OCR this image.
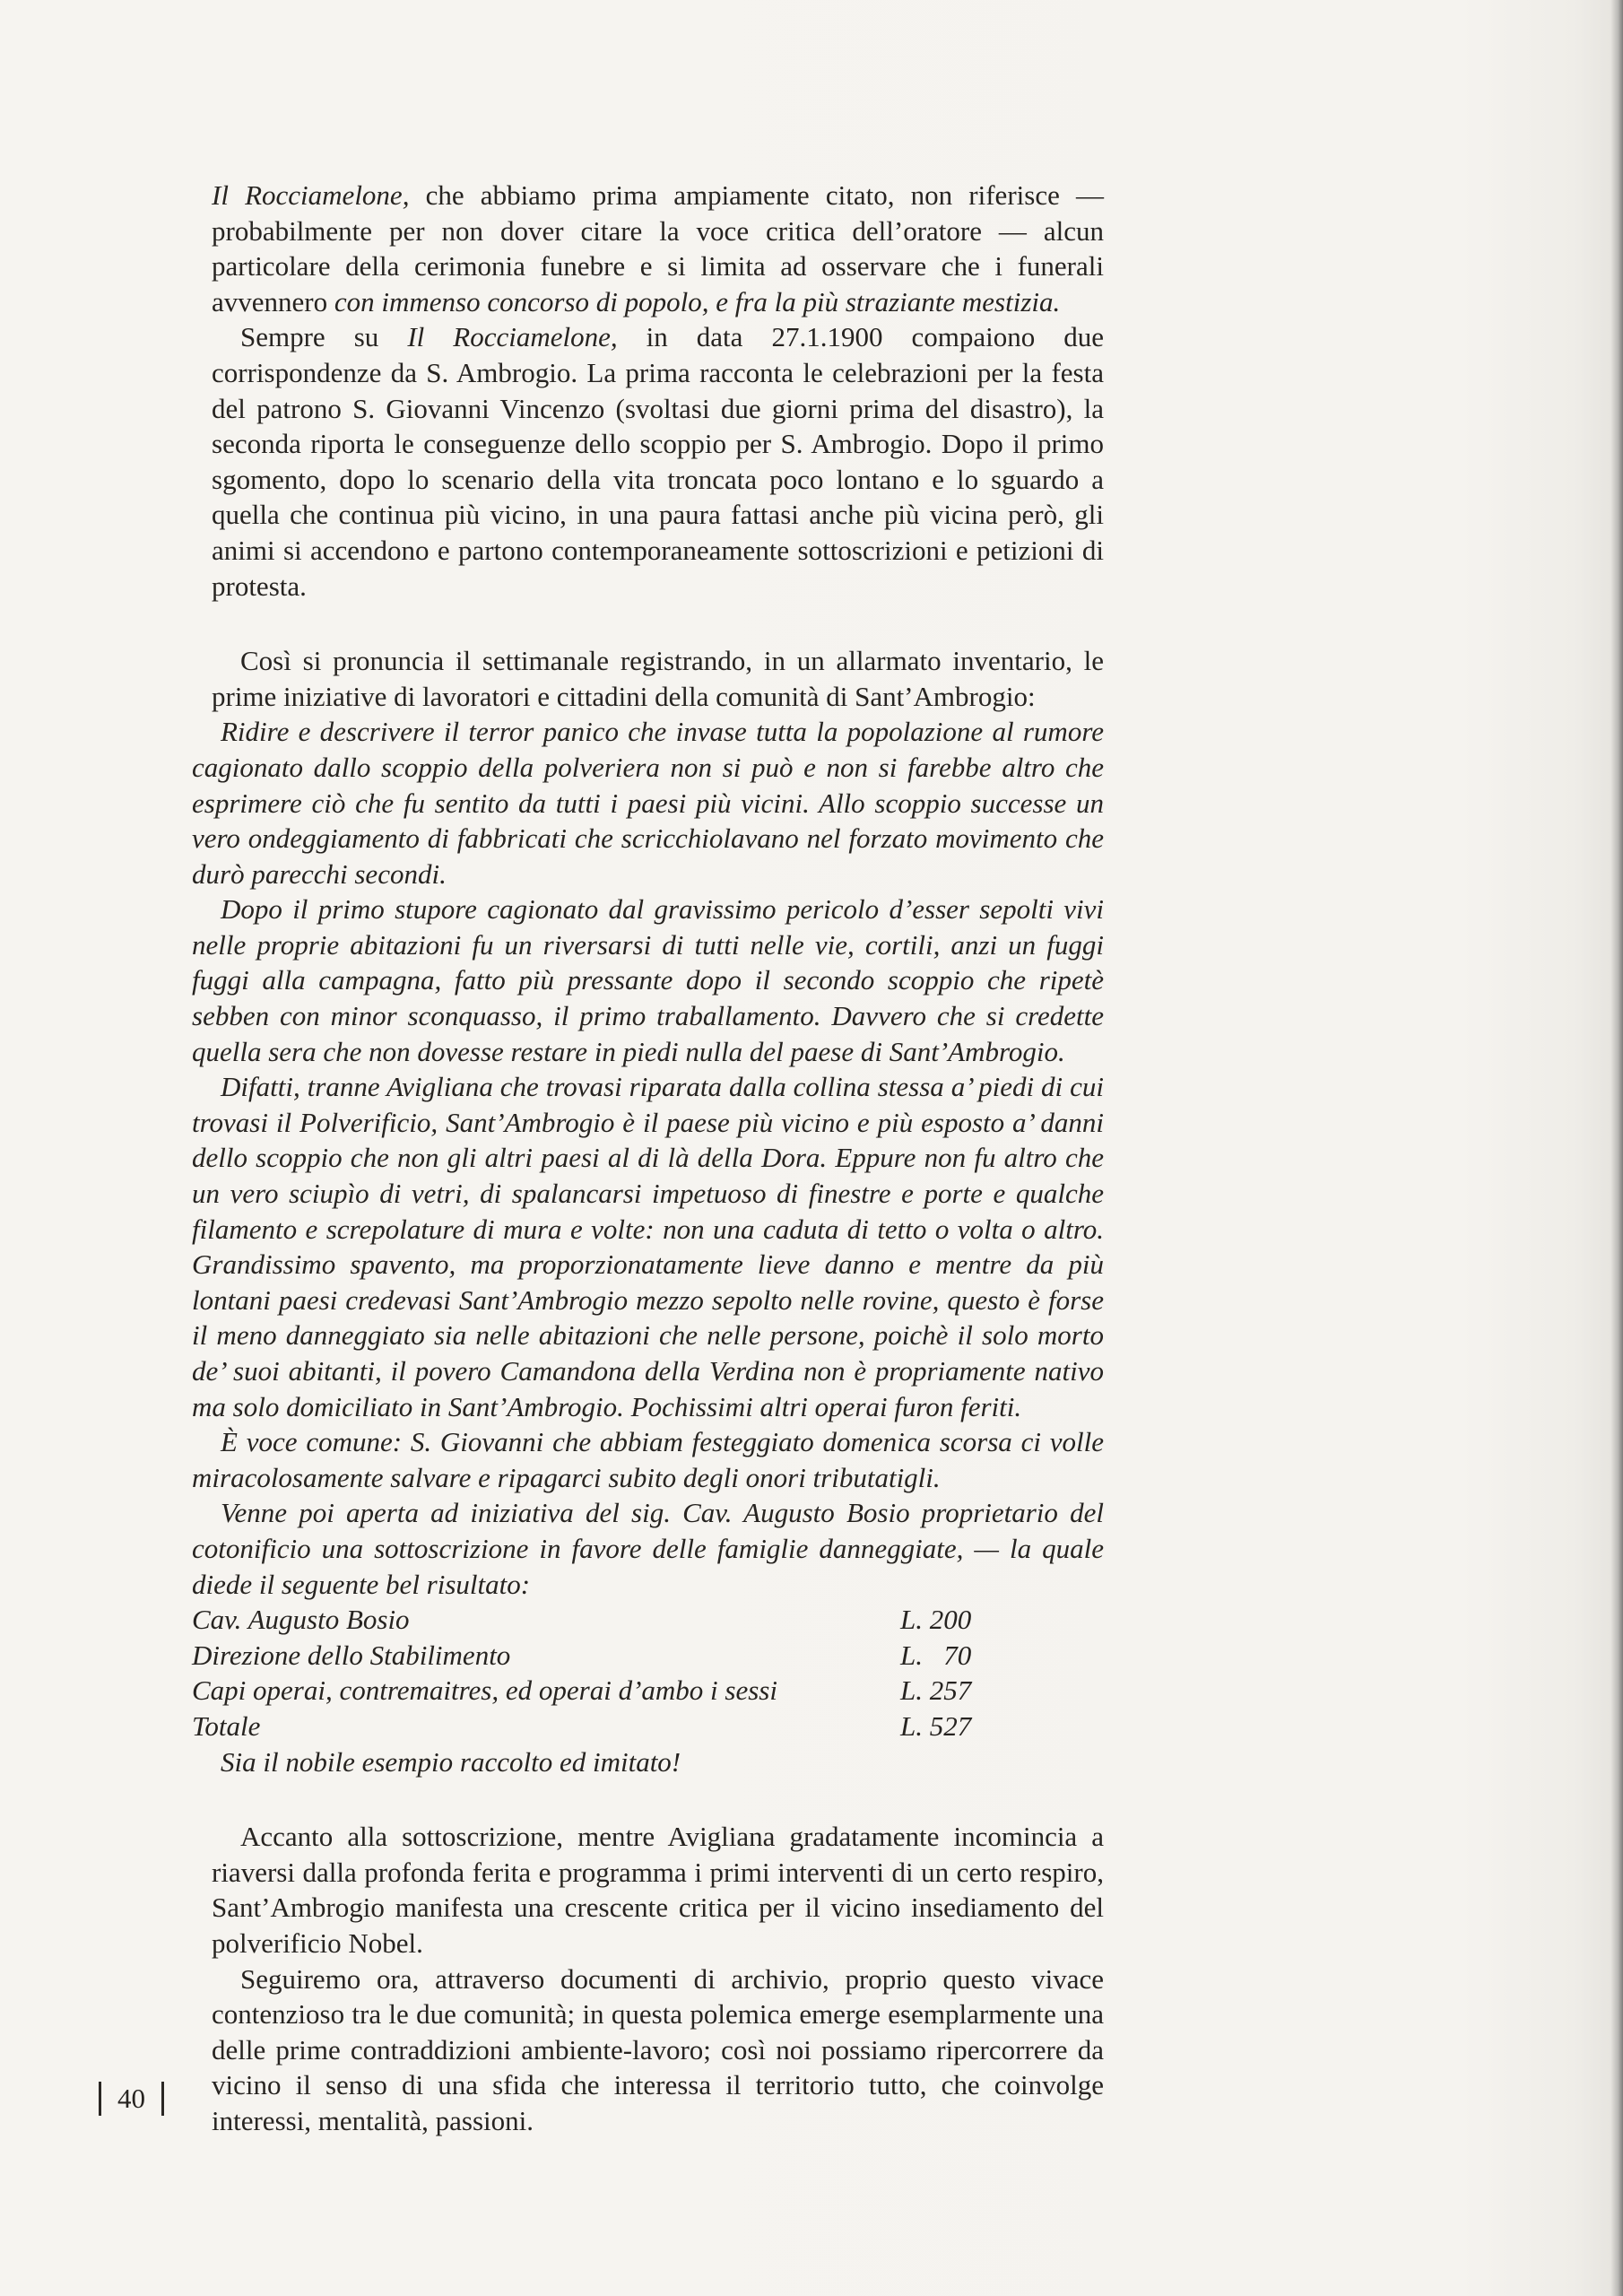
Il Rocciamelone, che abbiamo prima ampiamente citato, non riferisce — probabilmente per non dover citare la voce critica dell’oratore — alcun particolare della cerimonia funebre e si limita ad osservare che i funerali avvennero con immenso concorso di popolo, e fra la più straziante mestizia.

Sempre su Il Rocciamelone, in data 27.1.1900 compaiono due corrispondenze da S. Ambrogio. La prima racconta le celebrazioni per la festa del patrono S. Giovanni Vincenzo (svoltasi due giorni prima del disastro), la seconda riporta le conseguenze dello scoppio per S. Ambrogio. Dopo il primo sgomento, dopo lo scenario della vita troncata poco lontano e lo sguardo a quella che continua più vicino, in una paura fattasi anche più vicina però, gli animi si accendono e partono contemporaneamente sottoscrizioni e petizioni di protesta.

Così si pronuncia il settimanale registrando, in un allarmato inventario, le prime iniziative di lavoratori e cittadini della comunità di Sant’Ambrogio:

Ridire e descrivere il terror panico che invase tutta la popolazione al rumore cagionato dallo scoppio della polveriera non si può e non si farebbe altro che esprimere ciò che fu sentito da tutti i paesi più vicini. Allo scoppio successe un vero ondeggiamento di fabbricati che scricchiolavano nel forzato movimento che durò parecchi secondi.

Dopo il primo stupore cagionato dal gravissimo pericolo d’esser sepolti vivi nelle proprie abitazioni fu un riversarsi di tutti nelle vie, cortili, anzi un fuggi fuggi alla campagna, fatto più pressante dopo il secondo scoppio che ripetè sebben con minor sconquasso, il primo traballamento. Davvero che si credette quella sera che non dovesse restare in piedi nulla del paese di Sant’Ambrogio.

Difatti, tranne Avigliana che trovasi riparata dalla collina stessa a’ piedi di cui trovasi il Polverificio, Sant’Ambrogio è il paese più vicino e più esposto a’ danni dello scoppio che non gli altri paesi al di là della Dora. Eppure non fu altro che un vero sciupìo di vetri, di spalancarsi impetuoso di finestre e porte e qualche filamento e screpolature di mura e volte: non una caduta di tetto o volta o altro. Grandissimo spavento, ma proporzionatamente lieve danno e mentre da più lontani paesi credevasi Sant’Ambrogio mezzo sepolto nelle rovine, questo è forse il meno danneggiato sia nelle abitazioni che nelle persone, poichè il solo morto de’ suoi abitanti, il povero Camandona della Verdina non è propriamente nativo ma solo domiciliato in Sant’Ambrogio. Pochissimi altri operai furon feriti.

È voce comune: S. Giovanni che abbiam festeggiato domenica scorsa ci volle miracolosamente salvare e ripagarci subito degli onori tributatigli.

Venne poi aperta ad iniziativa del sig. Cav. Augusto Bosio proprietario del cotonificio una sottoscrizione in favore delle famiglie danneggiate, — la quale diede il seguente bel risultato:

Cav. Augusto Bosio	L. 200
Direzione dello Stabilimento	L.   70
Capi operai, contremaitres, ed operai d’ambo i sessi	L. 257
Totale	L. 527

Sia il nobile esempio raccolto ed imitato!

Accanto alla sottoscrizione, mentre Avigliana gradatamente incomincia a riaversi dalla profonda ferita e programma i primi interventi di un certo respiro, Sant’Ambrogio manifesta una crescente critica per il vicino insediamento del polverificio Nobel.

Seguiremo ora, attraverso documenti di archivio, proprio questo vivace contenzioso tra le due comunità; in questa polemica emerge esemplarmente una delle prime contraddizioni ambiente-lavoro; così noi possiamo ripercorrere da vicino il senso di una sfida che interessa il territorio tutto, che coinvolge interessi, mentalità, passioni.

40
